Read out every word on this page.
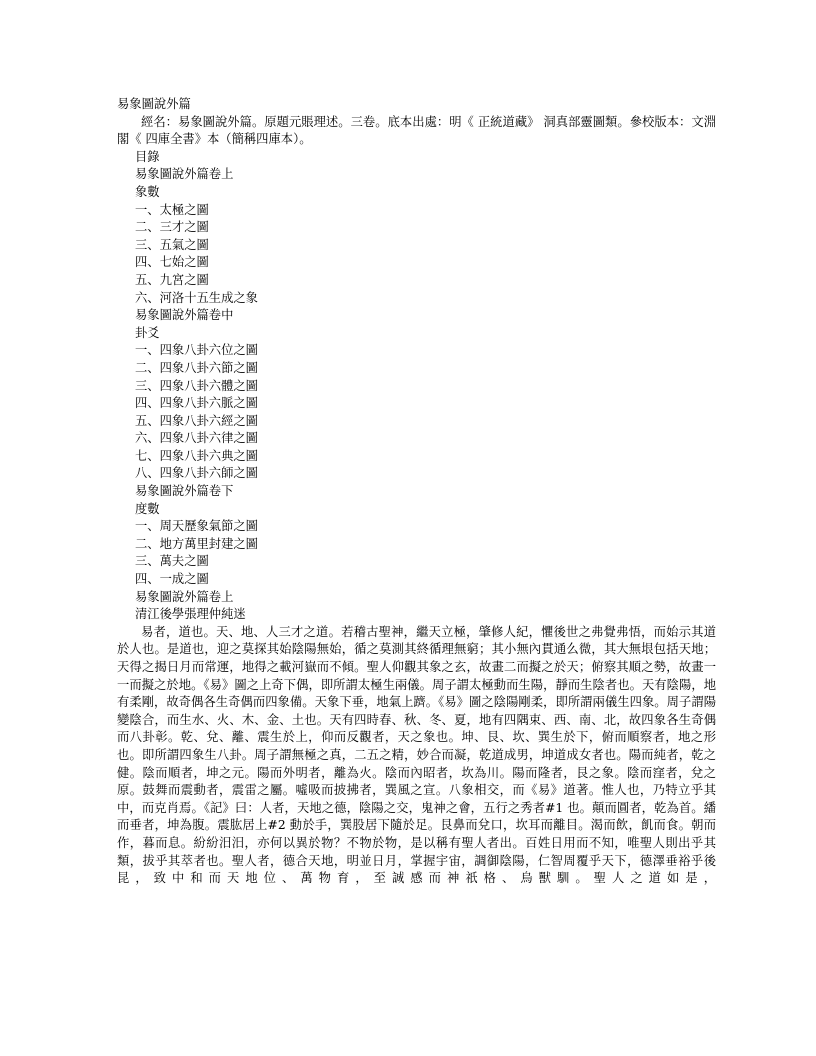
易象圖說外篇
經名：易象圖說外篇。原題元賬理述。三卷。底本出處：明《 正統道藏》 洞真部靈圖類。參校版本：文淵閣《 四庫全書》本（簡稱四庫本）。
目錄
易象圖說外篇卷上
象數
一、太極之圖
二、三才之圖
三、五氣之圖
四、七始之圖
五、九宮之圖
六、河洛十五生成之象
易象圖說外篇卷中
卦爻
一、四象八卦六位之圖
二、四象八卦六節之圖
三、四象八卦六體之圖
四、四象八卦六脈之圖
五、四象八卦六經之圖
六、四象八卦六律之圖
七、四象八卦六典之圖
八、四象八卦六師之圖
易象圖說外篇卷下
度數
一、周天歷象氣節之圖
二、地方萬里封建之圖
三、萬夫之圖
四、一成之圖
易象圖說外篇卷上
清江後學張理仲純迷
易者，道也。天、地、人三才之道。若稽古聖神，繼天立極，肇修人紀，懼後世之弗覺弗悟，而始示其道於人也。是道也，迎之莫探其始陰陽無始，循之莫測其終循理無窮；其小無內貫通么微，其大無垠包括天地；天得之揭日月而常運，地得之載河嶽而不傾。聖人仰觀其象之玄，故畫二而擬之於天；俯察其順之勢，故畫一一而擬之於地。《易》圖之上奇下偶，即所謂太極生兩儀。周子謂太極動而生陽，靜而生陰者也。天有陰陽，地有柔剛，故奇偶各生奇偶而四象備。天象下垂，地氣上躋。《易》圖之陰陽剛柔，即所謂兩儀生四象。周子謂陽變陰合，而生水、火、木、金、土也。天有四時春、秋、冬、夏，地有四隅束、西、南、北，故四象各生奇偶而八卦彰。乾、兌、離、震生於上，仰而反觀者，天之象也。坤、艮、坎、巽生於下，俯而順察者，地之形也。即所謂四象生八卦。周子謂無極之真，二五之精，妙合而凝，乾道成男，坤道成女者也。陽而純者，乾之健。陰而順者，坤之元。陽而外明者，離為火。陰而內昭者，坎為川。陽而隆者，艮之象。陰而窪者，兌之原。鼓舞而震動者，震雷之屬。噓吸而披拂者，巽風之宣。八象相交，而《易》道著。惟人也，乃特立乎其中，而克肖焉。《記》曰：人者，天地之德，陰陽之交，鬼神之會，五行之秀者#1 也。顛而圓者，乾為首。繙而垂者，坤為腹。震肱居上#2 動於手，巽股居下隨於足。艮鼻而兌口，坎耳而離目。渴而飲，飢而食。朝而作，暮而息。紛紛汨汨，亦何以異於物？不物於物，是以稱有聖人者出。百姓日用而不知，唯聖人則出乎其類，拔乎其萃者也。聖人者，德合天地，明並日月，掌握宇宙，調御陰陽，仁智周覆乎天下，德澤垂裕乎後昆，致中和而天地位、萬物育，至誠感而神祇格、烏獸馴。聖人之道如是，
